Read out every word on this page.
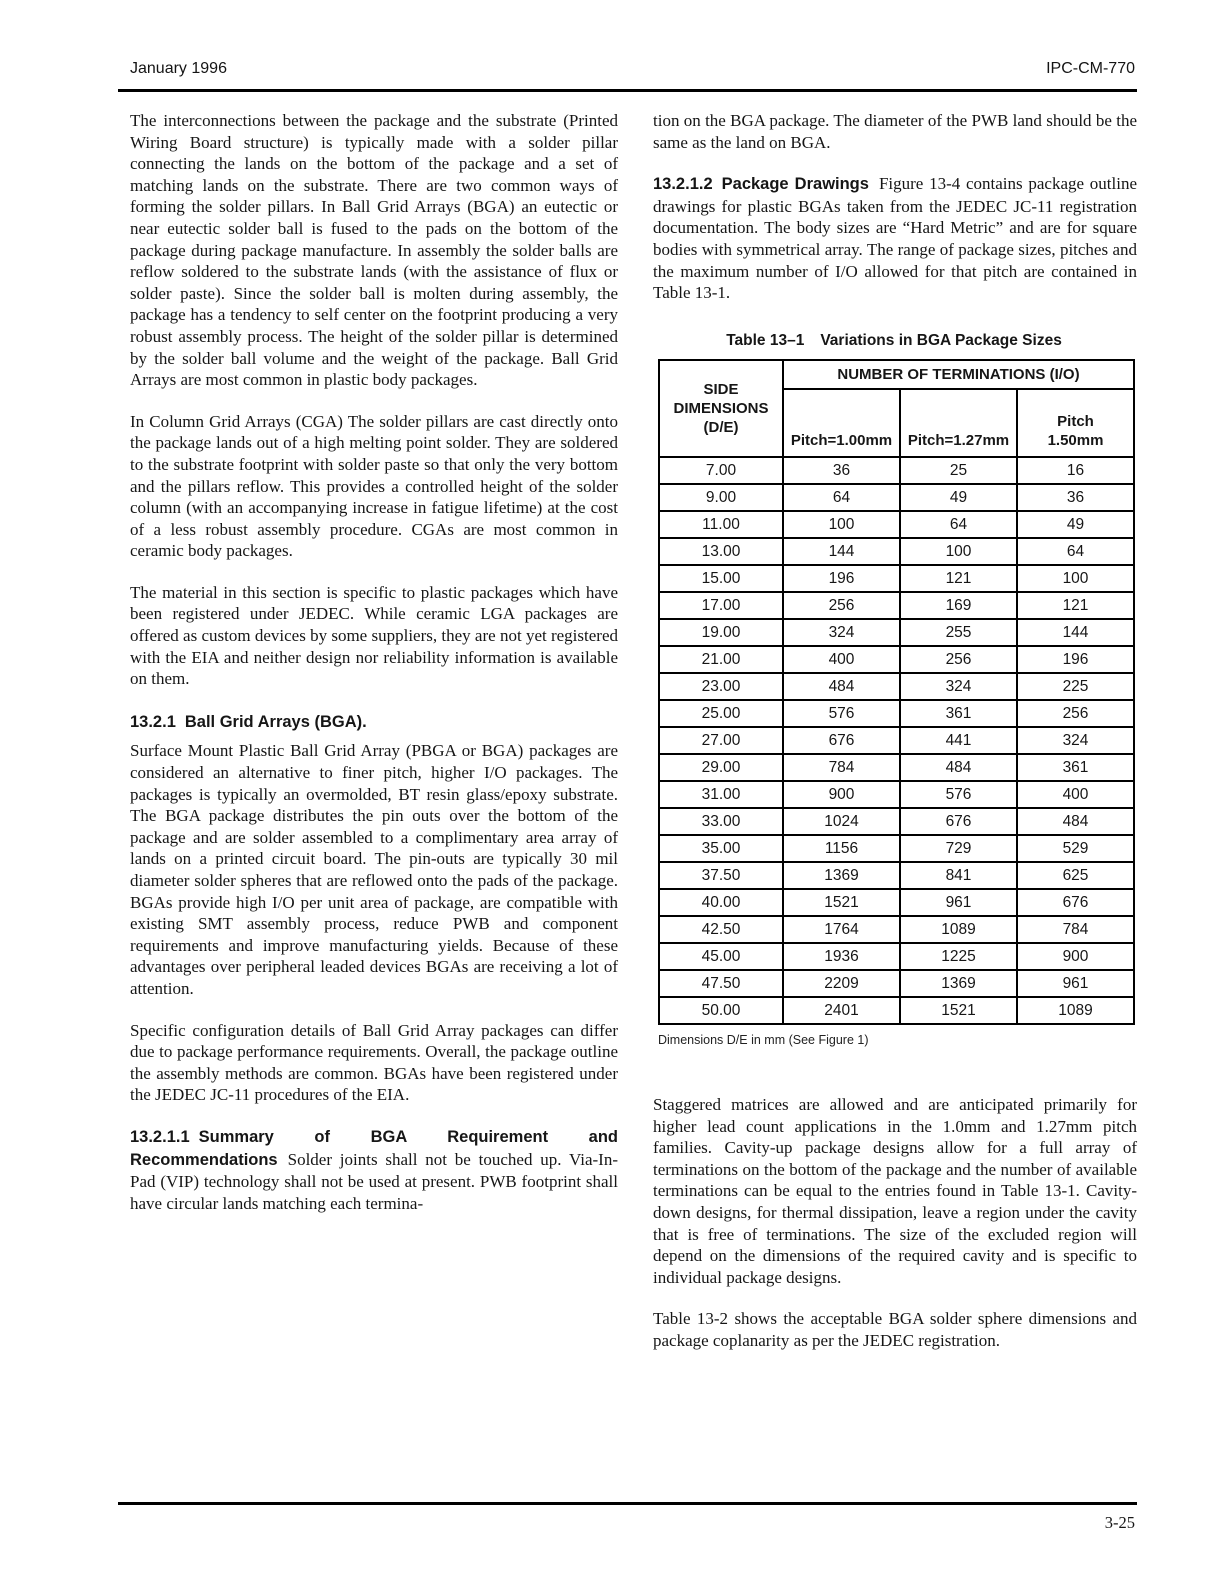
January 1996	IPC-CM-770

The interconnections between the package and the substrate (Printed Wiring Board structure) is typically made with a solder pillar connecting the lands on the bottom of the package and a set of matching lands on the substrate. There are two common ways of forming the solder pillars. In Ball Grid Arrays (BGA) an eutectic or near eutectic solder ball is fused to the pads on the bottom of the package during package manufacture. In assembly the solder balls are reflow soldered to the substrate lands (with the assistance of flux or solder paste). Since the solder ball is molten during assembly, the package has a tendency to self center on the footprint producing a very robust assembly process. The height of the solder pillar is determined by the solder ball volume and the weight of the package. Ball Grid Arrays are most common in plastic body packages.

In Column Grid Arrays (CGA) The solder pillars are cast directly onto the package lands out of a high melting point solder. They are soldered to the substrate footprint with solder paste so that only the very bottom and the pillars reflow. This provides a controlled height of the solder column (with an accompanying increase in fatigue lifetime) at the cost of a less robust assembly procedure. CGAs are most common in ceramic body packages.

The material in this section is specific to plastic packages which have been registered under JEDEC. While ceramic LGA packages are offered as custom devices by some suppliers, they are not yet registered with the EIA and neither design nor reliability information is available on them.

13.2.1 Ball Grid Arrays (BGA).

Surface Mount Plastic Ball Grid Array (PBGA or BGA) packages are considered an alternative to finer pitch, higher I/O packages. The packages is typically an overmolded, BT resin glass/epoxy substrate. The BGA package distributes the pin outs over the bottom of the package and are solder assembled to a complimentary area array of lands on a printed circuit board. The pin-outs are typically 30 mil diameter solder spheres that are reflowed onto the pads of the package. BGAs provide high I/O per unit area of package, are compatible with existing SMT assembly process, reduce PWB and component requirements and improve manufacturing yields. Because of these advantages over peripheral leaded devices BGAs are receiving a lot of attention.

Specific configuration details of Ball Grid Array packages can differ due to package performance requirements. Overall, the package outline the assembly methods are common. BGAs have been registered under the JEDEC JC-11 procedures of the EIA.

13.2.1.1 Summary of BGA Requirement and Recommendations Solder joints shall not be touched up. Via-In-Pad (VIP) technology shall not be used at present. PWB footprint shall have circular lands matching each termina-

tion on the BGA package. The diameter of the PWB land should be the same as the land on BGA.

13.2.1.2 Package Drawings Figure 13-4 contains package outline drawings for plastic BGAs taken from the JEDEC JC-11 registration documentation. The body sizes are “Hard Metric” and are for square bodies with symmetrical array. The range of package sizes, pitches and the maximum number of I/O allowed for that pitch are contained in Table 13-1.

Table 13–1 Variations in BGA Package Sizes
SIDE
DIMENSIONS
(D/E)	NUMBER OF TERMINATIONS (I/O)		
	Pitch=1.00mm	Pitch=1.27mm	Pitch
1.50mm

7.00	36	25	16
9.00	64	49	36
11.00	100	64	49
13.00	144	100	64
15.00	196	121	100
17.00	256	169	121
19.00	324	255	144
21.00	400	256	196
23.00	484	324	225
25.00	576	361	256
27.00	676	441	324
29.00	784	484	361
31.00	900	576	400
33.00	1024	676	484
35.00	1156	729	529
37.50	1369	841	625
40.00	1521	961	676
42.50	1764	1089	784
45.00	1936	1225	900
47.50	2209	1369	961
50.00	2401	1521	1089
Dimensions D/E in mm (See Figure 1)

Staggered matrices are allowed and are anticipated primarily for higher lead count applications in the 1.0mm and 1.27mm pitch families. Cavity-up package designs allow for a full array of terminations on the bottom of the package and the number of available terminations can be equal to the entries found in Table 13-1. Cavity-down designs, for thermal dissipation, leave a region under the cavity that is free of terminations. The size of the excluded region will depend on the dimensions of the required cavity and is specific to individual package designs.

Table 13-2 shows the acceptable BGA solder sphere dimensions and package coplanarity as per the JEDEC registration.

3-25
